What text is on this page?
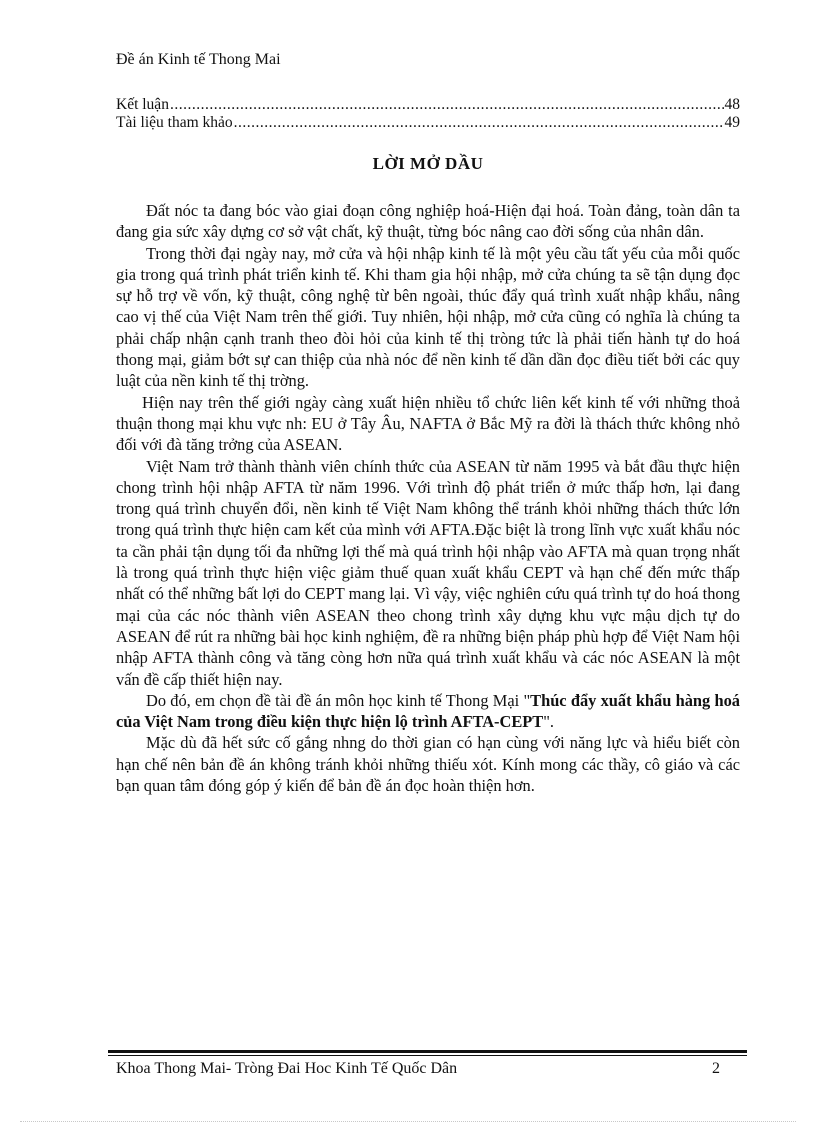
Đề án Kinh tế Thong Mai
Kết luận .....	48
Tài liệu tham khảo .....	49
LỜI MỞ DẦU

Đất nóc ta đang bóc vào giai đoạn công nghiệp hoá-Hiện đại hoá. Toàn đảng, toàn dân ta đang gia sức xây dựng cơ sở vật chất, kỹ thuật, từng bóc nâng cao đời sống của nhân dân.

Trong thời đại ngày nay, mở cửa và hội nhập kinh tế là một yêu cầu tất yếu của mỗi quốc gia trong quá trình phát triển kinh tế. Khi tham gia hội nhập, mở cửa chúng ta sẽ tận dụng đọc sự hỗ trợ về vốn, kỹ thuật, công nghệ từ bên ngoài, thúc đẩy quá trình xuất nhập khẩu, nâng cao vị thế của Việt Nam trên thế giới. Tuy nhiên, hội nhập, mở cửa cũng có nghĩa là chúng ta phải chấp nhận cạnh tranh theo đòi hỏi của kinh tế thị tròng tức là phải tiến hành tự do hoá thong mại, giảm bớt sự can thiệp của nhà nóc để nền kinh tế dần dần đọc điều tiết bởi các quy luật của nền kinh tế thị trờng.

Hiện nay trên thế giới ngày càng xuất hiện nhiều tổ chức liên kết kinh tế với những thoả thuận thong mại khu vực nh: EU ở Tây Âu, NAFTA ở Bắc Mỹ ra đời là thách thức không nhỏ đối với đà tăng trởng của ASEAN.

Việt Nam trở thành thành viên chính thức của ASEAN từ năm 1995 và bắt đầu thực hiện chong trình hội nhập AFTA từ năm 1996. Với trình độ phát triển ở mức thấp hơn, lại đang trong quá trình chuyển đổi, nền kinh tế Việt Nam không thể tránh khỏi những thách thức lớn trong quá trình thực hiện cam kết của mình với AFTA.Đặc biệt là trong lĩnh vực xuất khẩu nóc ta cần phải tận dụng tối đa những lợi thế mà quá trình hội nhập vào AFTA mà quan trọng nhất là trong quá trình thực hiện việc giảm thuế quan xuất khẩu CEPT và hạn chế đến mức thấp nhất có thể những bất lợi do CEPT mang lại. Vì vậy, việc nghiên cứu quá trình tự do hoá thong mại của các nóc thành viên ASEAN theo chong trình xây dựng khu vực mậu dịch tự do ASEAN để rút ra những bài học kinh nghiệm, đề ra những biện pháp phù hợp để Việt Nam hội nhập AFTA thành công và tăng còng hơn nữa quá trình xuất khẩu và các nóc ASEAN là một vấn đề cấp thiết hiện nay.

Do đó, em chọn đề tài đề án môn học kinh tế Thong Mại "Thúc đẩy xuất khẩu hàng hoá của Việt Nam trong điều kiện thực hiện lộ trình AFTA-CEPT".

Mặc dù đã hết sức cố gắng nhng do thời gian có hạn cùng với năng lực và hiểu biết còn hạn chế nên bản đề án không tránh khỏi những thiếu xót. Kính mong các thầy, cô giáo và các bạn quan tâm đóng góp ý kiến để bản đề án đọc hoàn thiện hơn.

Khoa Thong Mai- Tròng Đai Hoc Kinh Tế Quốc Dân	2
